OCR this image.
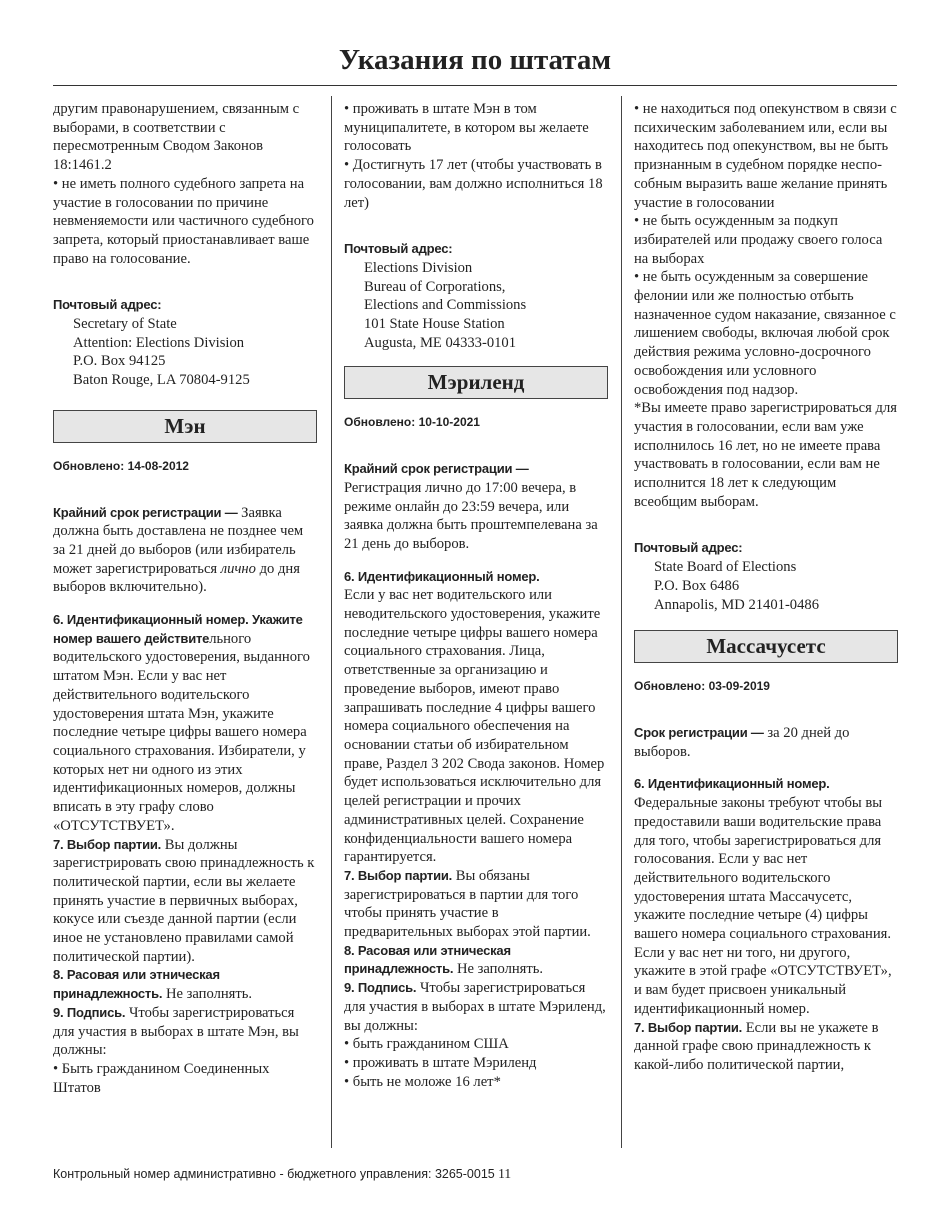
Указания по штатам

другим правонарушением, связанным с выборами, в соответствии с пересмотренным Сводом Законов 18:1461.2

• не иметь полного судебного запрета на участие в голосовании по причине невменяемости или частичного судебного запрета, который приостанавливает ваше право на голосование.

Почтовый адрес:

Secretary of State

Attention: Elections Division

P.O. Box 94125

Baton Rouge, LA 70804-9125

Мэн

Обновлено: 14-08-2012

Крайний срок регистрации — Заявка должна быть доставлена не позднее чем за 21 дней до выборов (или избиратель может зарегистрироваться лично до дня выборов включительно).

6. Идентификационный номер. Укажите номер вашего действительного водительского удостоверения, выданного штатом Мэн. Если у вас нет действительного водительского удостоверения штата Мэн, укажите последние четыре цифры вашего номера социального страхования. Избиратели, у которых нет ни одного из этих идентификационных номеров, должны вписать в эту графу слово «ОТСУТСТВУЕТ».

7. Выбор партии. Вы должны зарегистрировать свою принадлежность к политической партии, если вы желаете принять участие в первичных выборах, кокусе или съезде данной партии (если иное не установлено правилами самой политической партии).

8. Расовая или этническая принадлежность. Не заполнять.

9. Подпись. Чтобы зарегистрироваться для участия в выборах в штате Мэн, вы должны:

• Быть гражданином Соединенных Штатов

• проживать в штате Мэн в том муниципалитете, в котором вы желаете голосовать

• Достигнуть 17 лет (чтобы участвовать в голосовании, вам должно исполниться 18 лет)

Почтовый адрес:

Elections Division

Bureau of Corporations,

Elections and Commissions

101 State House Station

Augusta, ME 04333-0101

Мэриленд

Обновлено: 10-10-2021

Крайний срок регистрации —

Регистрация лично до 17:00 вечера, в режиме онлайн до 23:59 вечера, или заявка должна быть проштемпелевана за 21 день до выборов.

6. Идентификационный номер.

Если у вас нет водительского или неводительского удостоверения, укажите последние четыре цифры вашего номера социального страхования. Лица, ответственные за организацию и проведение выборов, имеют право запрашивать последние 4 цифры вашего номера социального обеспечения на основании статьи об избирательном праве, Раздел 3 202 Свода законов. Номер будет использоваться исключительно для целей регистрации и прочих административных целей. Сохранение конфиденциальности вашего номера гарантируется.

7. Выбор партии. Вы обязаны зарегистрироваться в партии для того чтобы принять участие в предварительных выборах этой партии.

8. Расовая или этническая принадлежность. Не заполнять.

9. Подпись. Чтобы зарегистрироваться для участия в выборах в штате Мэриленд, вы должны:

• быть гражданином США

• проживать в штате Мэриленд

• быть не моложе 16 лет*

• не находиться под опекунством в связи с психическим заболеванием или, если вы находитесь под опекунством, вы не быть признанным в судебном порядке неспо-собным выразить ваше желание принять участие в голосовании

• не быть осужденным за подкуп избирателей или продажу своего голоса на выборах

• не быть осужденным за совершение фелонии или же полностью отбыть назначенное судом наказание, связанное с лишением свободы, включая любой срок действия режима условно-досрочного освобождения или условного освобождения под надзор.

*Вы имеете право зарегистрироваться для участия в голосовании, если вам уже исполнилось 16 лет, но не имеете права участвовать в голосовании, если вам не исполнится 18 лет к следующим всеобщим выборам.

Почтовый адрес:

State Board of Elections

P.O. Box 6486

Annapolis, MD 21401-0486

Массачусетс

Обновлено: 03-09-2019

Срок регистрации — за 20 дней до выборов.

6. Идентификационный номер.

Федеральные законы требуют чтобы вы предоставили ваши водительские права для того, чтобы зарегистрироваться для голосования. Если у вас нет действительного водительского удостоверения штата Массачусетс, укажите последние четыре (4) цифры вашего номера социального страхования. Если у вас нет ни того, ни другого, укажите в этой графе «ОТСУТСТВУЕТ», и вам будет присвоен уникальный идентификационный номер.

7. Выбор партии. Если вы не укажете в данной графе свою принадлежность к какой-либо политической партии,

Контрольный номер административно - бюджетного управления: 3265-0015 11
